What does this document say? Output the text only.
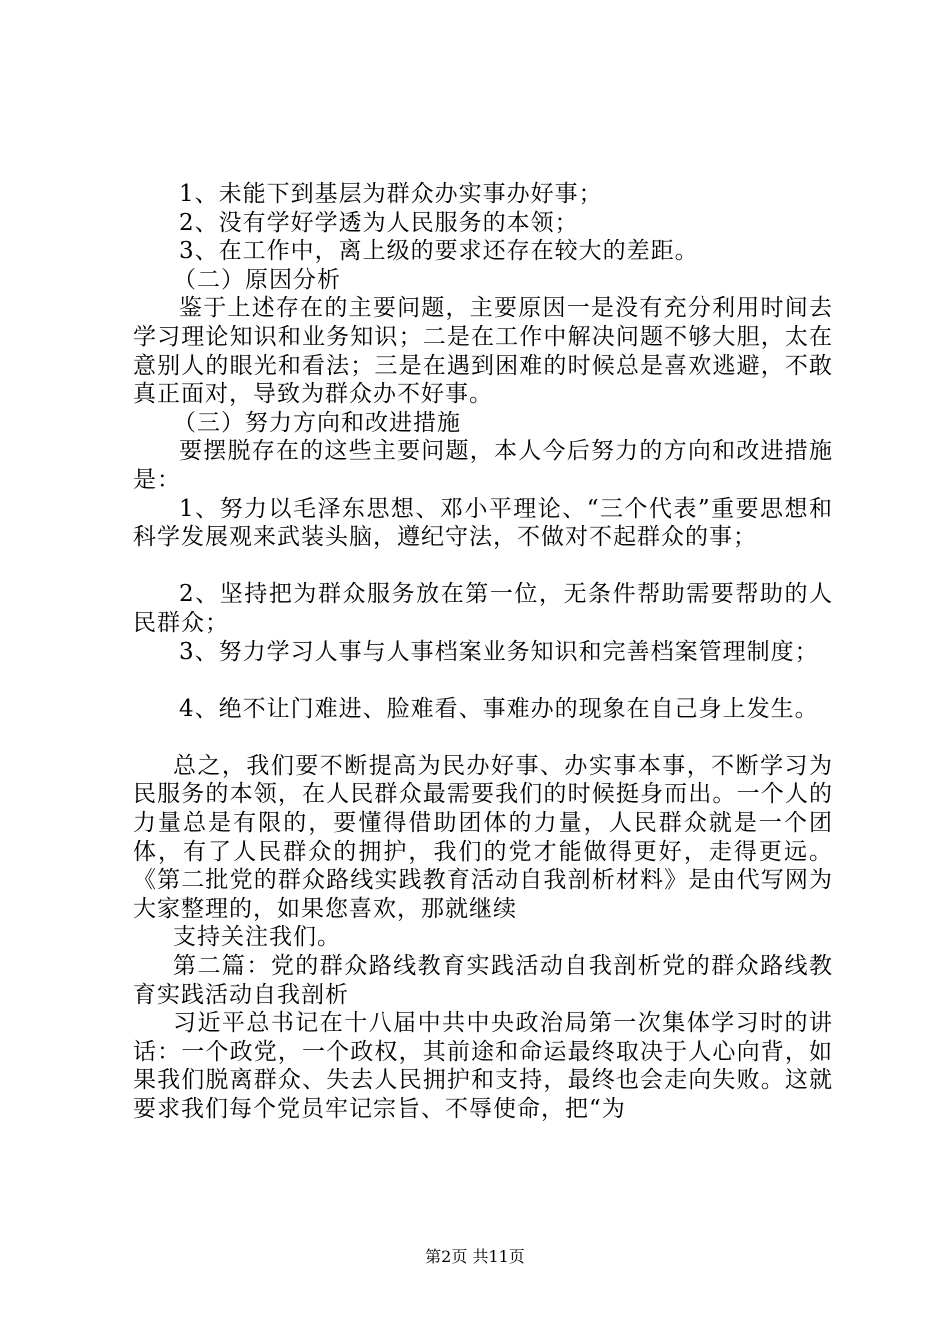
1、未能下到基层为群众办实事办好事；

2、没有学好学透为人民服务的本领；

3、在工作中，离上级的要求还存在较大的差距。

（二）原因分析

鉴于上述存在的主要问题，主要原因一是没有充分利用时间去学习理论知识和业务知识；二是在工作中解决问题不够大胆，太在意别人的眼光和看法；三是在遇到困难的时候总是喜欢逃避，不敢真正面对，导致为群众办不好事。

（三）努力方向和改进措施

要摆脱存在的这些主要问题，本人今后努力的方向和改进措施是：

1、努力以毛泽东思想、邓小平理论、“三个代表”重要思想和科学发展观来武装头脑，遵纪守法，不做对不起群众的事；

2、坚持把为群众服务放在第一位，无条件帮助需要帮助的人民群众；

3、努力学习人事与人事档案业务知识和完善档案管理制度；

4、绝不让门难进、脸难看、事难办的现象在自己身上发生。

总之，我们要不断提高为民办好事、办实事本事，不断学习为民服务的本领，在人民群众最需要我们的时候挺身而出。一个人的力量总是有限的，要懂得借助团体的力量，人民群众就是一个团体，有了人民群众的拥护，我们的党才能做得更好，走得更远。《第二批党的群众路线实践教育活动自我剖析材料》是由代写网为大家整理的，如果您喜欢，那就继续

支持关注我们。

第二篇：党的群众路线教育实践活动自我剖析党的群众路线教育实践活动自我剖析

习近平总书记在十八届中共中央政治局第一次集体学习时的讲话：一个政党，一个政权，其前途和命运最终取决于人心向背，如果我们脱离群众、失去人民拥护和支持，最终也会走向失败。这就要求我们每个党员牢记宗旨、不辱使命，把“为

第2页 共11页
